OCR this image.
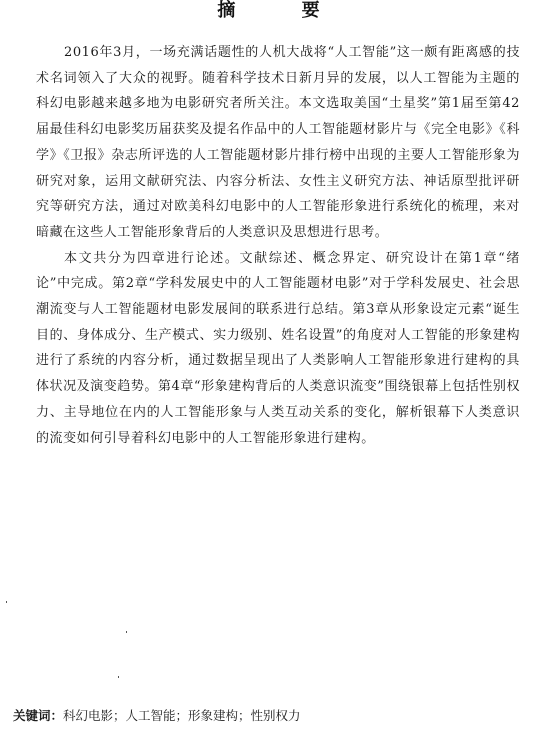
摘 要

2016年3月，一场充满话题性的人机大战将“人工智能”这一颇有距离感的技术名词领入了大众的视野。随着科学技术日新月异的发展，以人工智能为主题的科幻电影越来越多地为电影研究者所关注。本文选取美国“土星奖”第1届至第42届最佳科幻电影奖历届获奖及提名作品中的人工智能题材影片与《完全电影》《科学》《卫报》杂志所评选的人工智能题材影片排行榜中出现的主要人工智能形象为研究对象，运用文献研究法、内容分析法、女性主义研究方法、神话原型批评研究等研究方法，通过对欧美科幻电影中的人工智能形象进行系统化的梳理，来对暗藏在这些人工智能形象背后的人类意识及思想进行思考。

本文共分为四章进行论述。文献综述、概念界定、研究设计在第1章“绪论”中完成。第2章“学科发展史中的人工智能题材电影”对于学科发展史、社会思潮流变与人工智能题材电影发展间的联系进行总结。第3章从形象设定元素“诞生目的、身体成分、生产模式、实力级别、姓名设置”的角度对人工智能的形象建构进行了系统的内容分析，通过数据呈现出了人类影响人工智能形象进行建构的具体状况及演变趋势。第4章“形象建构背后的人类意识流变”围绕银幕上包括性别权力、主导地位在内的人工智能形象与人类互动关系的变化，解析银幕下人类意识的流变如何引导着科幻电影中的人工智能形象进行建构。

关键词：科幻电影；人工智能；形象建构；性别权力
